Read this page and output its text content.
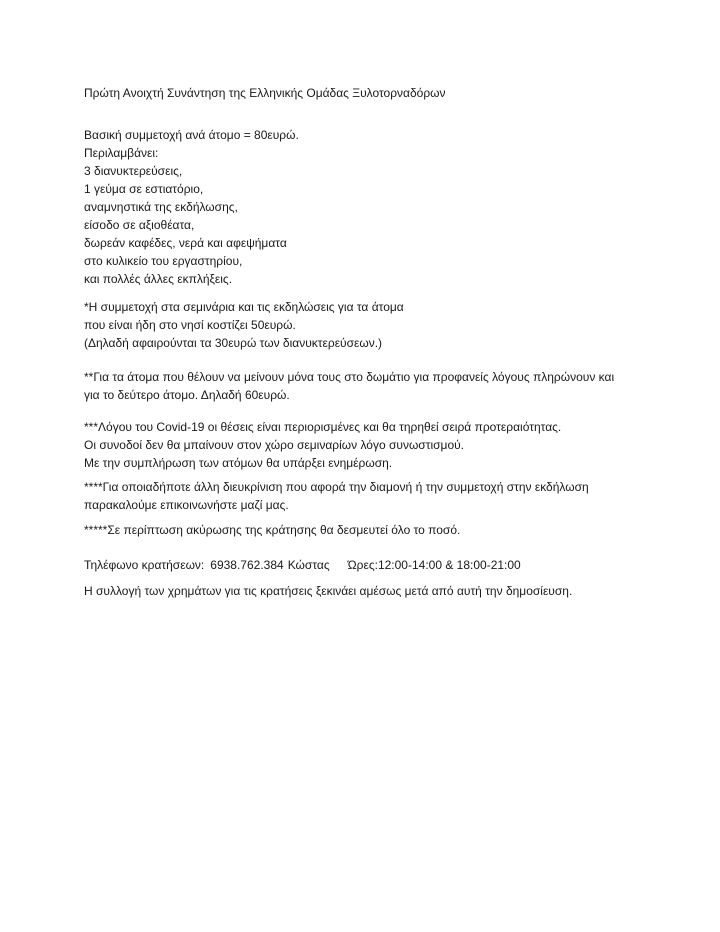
Πρώτη Ανοιχτή Συνάντηση της Ελληνικής Ομάδας Ξυλοτορναδόρων
Βασική συμμετοχή ανά άτομο = 80ευρώ.
Περιλαμβάνει:
3 διανυκτερεύσεις,
1 γεύμα σε εστιατόριο,
αναμνηστικά της εκδήλωσης,
είσοδο σε αξιοθέατα,
δωρεάν καφέδες, νερά και αφεψήματα
στο κυλικείο του εργαστηρίου,
και πολλές άλλες εκπλήξεις.
*Η συμμετοχή στα σεμινάρια και τις εκδηλώσεις για τα άτομα
που είναι ήδη στο νησί κοστίζει 50ευρώ.
(Δηλαδή αφαιρούνται τα 30ευρώ των διανυκτερεύσεων.)
**Για τα άτομα που θέλουν να μείνουν μόνα τους στο δωμάτιο για προφανείς λόγους πληρώνουν και
για το δεύτερο άτομο. Δηλαδή 60ευρώ.
***Λόγου του Covid-19 οι θέσεις είναι περιορισμένες και θα τηρηθεί σειρά προτεραιότητας.
Οι συνοδοί δεν θα μπαίνουν στον χώρο σεμιναρίων λόγο συνωστισμού.
Με την συμπλήρωση των ατόμων θα υπάρξει ενημέρωση.
****Για οποιαδήποτε άλλη διευκρίνιση που αφορά την διαμονή ή την συμμετοχή στην εκδήλωση
παρακαλούμε επικοινωνήστε μαζί μας.
*****Σε περίπτωση ακύρωσης της κράτησης θα δεσμευτεί όλο το ποσό.
Τηλέφωνο κρατήσεων: 6938.762.384 Κώστας Ώρες:12:00-14:00 & 18:00-21:00
Η συλλογή των χρημάτων για τις κρατήσεις ξεκινάει αμέσως μετά από αυτή την δημοσίευση.
